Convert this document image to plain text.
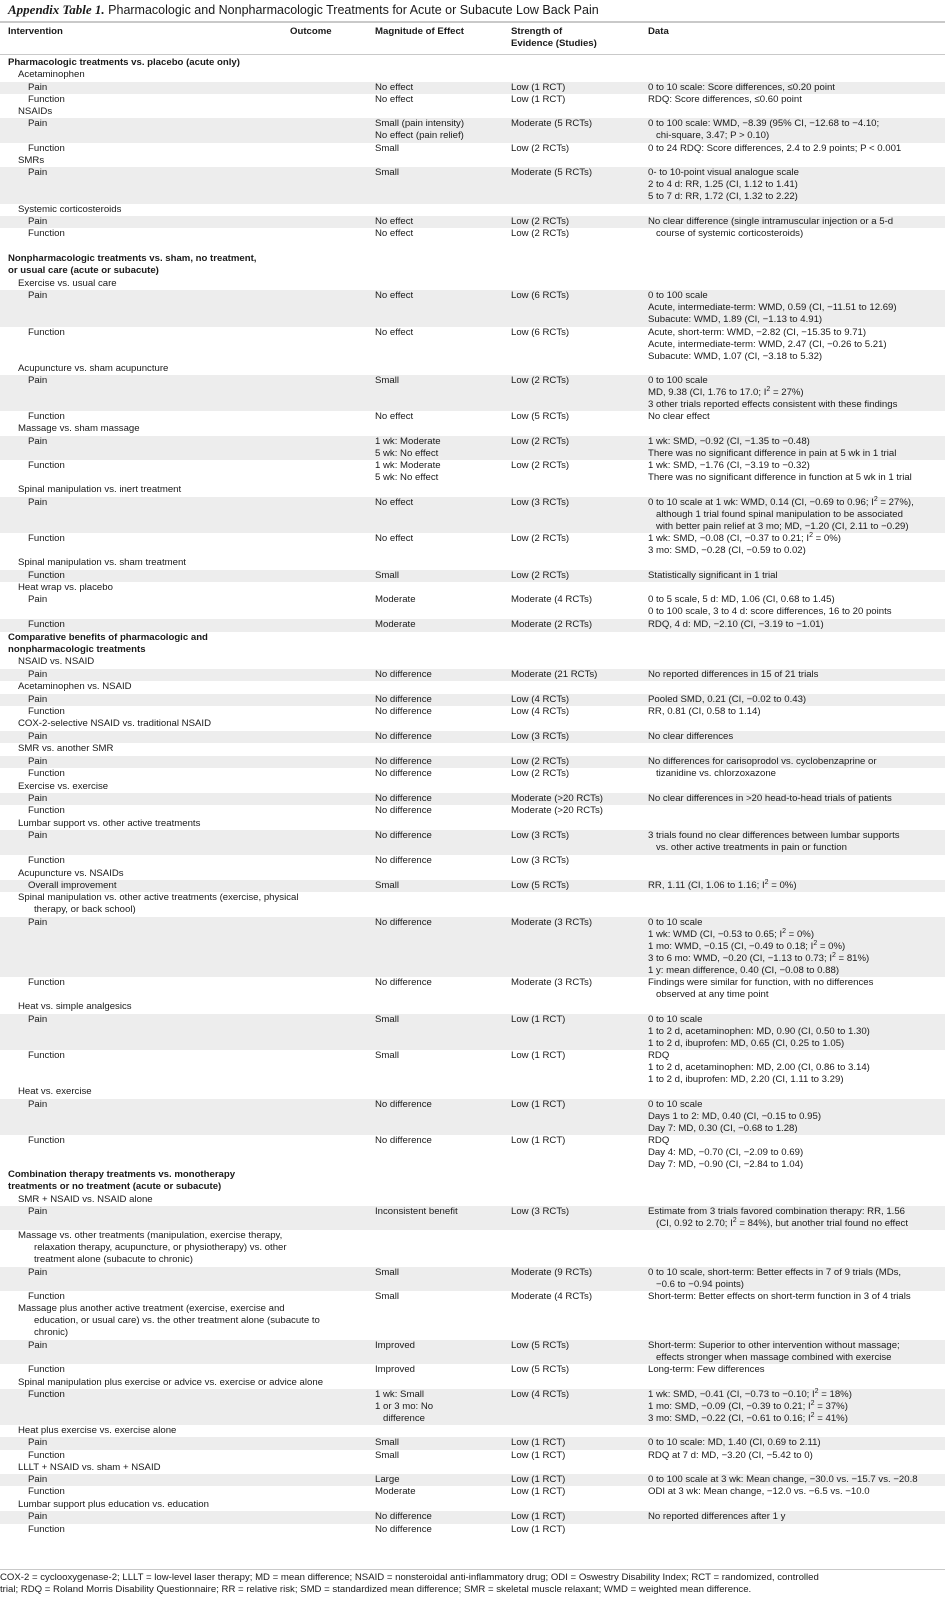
Appendix Table 1. Pharmacologic and Nonpharmacologic Treatments for Acute or Subacute Low Back Pain
Intervention	Outcome	Magnitude of Effect	Strength of
Evidence (Studies)
Data
Pharmacologic treatments vs. placebo (acute only)
Acetaminophen
Pain	No effect	Low (1 RCT)	0 to 10 scale: Score differences, ≤0.20 point
Function	No effect	Low (1 RCT)	RDQ: Score differences, ≤0.60 point
NSAIDs
Pain	Small (pain intensity)
No effect (pain relief)
Moderate (5 RCTs)	0 to 100 scale: WMD, −8.39 (95% CI, −12.68 to −4.10;
chi-square, 3.47; P > 0.10)
Function	Small	Low (2 RCTs)	0 to 24 RDQ: Score differences, 2.4 to 2.9 points; P < 0.001
SMRs
Pain	Small	Moderate (5 RCTs)	0- to 10-point visual analogue scale
2 to 4 d: RR, 1.25 (CI, 1.12 to 1.41)
5 to 7 d: RR, 1.72 (CI, 1.32 to 2.22)
Systemic corticosteroids
Pain	No effect	Low (2 RCTs)	No clear difference (single intramuscular injection or a 5-d
course of systemic corticosteroids)
Function	No effect	Low (2 RCTs)
Nonpharmacologic treatments vs. sham, no treatment,
or usual care (acute or subacute)
Exercise vs. usual care
Pain	No effect	Low (6 RCTs)	0 to 100 scale
Acute, intermediate-term: WMD, 0.59 (CI, −11.51 to 12.69)
Subacute: WMD, 1.89 (CI, −1.13 to 4.91)
Function	No effect	Low (6 RCTs)	Acute, short-term: WMD, −2.82 (CI, −15.35 to 9.71)
Acute, intermediate-term: WMD, 2.47 (CI, −0.26 to 5.21)
Subacute: WMD, 1.07 (CI, −3.18 to 5.32)
Acupuncture vs. sham acupuncture
Pain	Small	Low (2 RCTs)	0 to 100 scale
MD, 9.38 (CI, 1.76 to 17.0; $I^2 = 27\%$)
3 other trials reported effects consistent with these findings
Function	No effect	Low (5 RCTs)	No clear effect
Massage vs. sham massage
Pain	1 wk: Moderate
5 wk: No effect
Low (2 RCTs)	1 wk: SMD, −0.92 (CI, −1.35 to −0.48)
There was no significant difference in pain at 5 wk in 1 trial
Function	1 wk: Moderate
5 wk: No effect
Low (2 RCTs)	1 wk: SMD, −1.76 (CI, −3.19 to −0.32)
There was no significant difference in function at 5 wk in 1 trial
Spinal manipulation vs. inert treatment
Pain	No effect	Low (3 RCTs)	0 to 10 scale at 1 wk: WMD, 0.14 (CI, −0.69 to 0.96; $I^2 = 27\%$),
although 1 trial found spinal manipulation to be associated
with better pain relief at 3 mo; MD, −1.20 (CI, 2.11 to −0.29)
Function	No effect	Low (2 RCTs)	1 wk: SMD, −0.08 (CI, −0.37 to 0.21; $I^2 = 0\%$)
3 mo: SMD, −0.28 (CI, −0.59 to 0.02)
Spinal manipulation vs. sham treatment
Function	Small	Low (2 RCTs)	Statistically significant in 1 trial
Heat wrap vs. placebo
Pain	Moderate	Moderate (4 RCTs)	0 to 5 scale, 5 d: MD, 1.06 (CI, 0.68 to 1.45)
0 to 100 scale, 3 to 4 d: score differences, 16 to 20 points
Function	Moderate	Moderate (2 RCTs)	RDQ, 4 d: MD, −2.10 (CI, −3.19 to −1.01)
Comparative benefits of pharmacologic and
nonpharmacologic treatments
NSAID vs. NSAID
Pain	No difference	Moderate (21 RCTs)	No reported differences in 15 of 21 trials
Acetaminophen vs. NSAID
Pain	No difference	Low (4 RCTs)	Pooled SMD, 0.21 (CI, −0.02 to 0.43)
Function	No difference	Low (4 RCTs)	RR, 0.81 (CI, 0.58 to 1.14)
COX-2-selective NSAID vs. traditional NSAID
Pain	No difference	Low (3 RCTs)	No clear differences
SMR vs. another SMR
Pain	No difference	Low (2 RCTs)	No differences for carisoprodol vs. cyclobenzaprine or
tizanidine vs. chlorzoxazone
Function	No difference	Low (2 RCTs)
Exercise vs. exercise
Pain	No difference	Moderate (>20 RCTs)	No clear differences in >20 head-to-head trials of patients
Function	No difference	Moderate (>20 RCTs)
Lumbar support vs. other active treatments
Pain	No difference	Low (3 RCTs)	3 trials found no clear differences between lumbar supports
vs. other active treatments in pain or function
Function	No difference	Low (3 RCTs)
Acupuncture vs. NSAIDs
Overall improvement	Small	Low (5 RCTs)	RR, 1.11 (CI, 1.06 to 1.16; $I^2 = 0\%$)
Spinal manipulation vs. other active treatments (exercise, physical
therapy, or back school)
Pain	No difference	Moderate (3 RCTs)	0 to 10 scale
1 wk: WMD (CI, −0.53 to 0.65; $I^2 = 0\%$)
1 mo: WMD, −0.15 (CI, −0.49 to 0.18; $I^2 = 0\%$)
3 to 6 mo: WMD, −0.20 (CI, −1.13 to 0.73; $I^2 = 81\%$)
1 y: mean difference, 0.40 (CI, −0.08 to 0.88)
Function	No difference	Moderate (3 RCTs)	Findings were similar for function, with no differences
observed at any time point
Heat vs. simple analgesics
Pain	Small	Low (1 RCT)	0 to 10 scale
1 to 2 d, acetaminophen: MD, 0.90 (CI, 0.50 to 1.30)
1 to 2 d, ibuprofen: MD, 0.65 (CI, 0.25 to 1.05)
Function	Small	Low (1 RCT)	RDQ
1 to 2 d, acetaminophen: MD, 2.00 (CI, 0.86 to 3.14)
1 to 2 d, ibuprofen: MD, 2.20 (CI, 1.11 to 3.29)
Heat vs. exercise
Pain	No difference	Low (1 RCT)	0 to 10 scale
Days 1 to 2: MD, 0.40 (CI, −0.15 to 0.95)
Day 7: MD, 0.30 (CI, −0.68 to 1.28)
Function	No difference	Low (1 RCT)	RDQ
Day 4: MD, −0.70 (CI, −2.09 to 0.69)
Day 7: MD, −0.90 (CI, −2.84 to 1.04)
Combination therapy treatments vs. monotherapy
treatments or no treatment (acute or subacute)
SMR + NSAID vs. NSAID alone
Pain	Inconsistent benefit	Low (3 RCTs)	Estimate from 3 trials favored combination therapy: RR, 1.56
(CI, 0.92 to 2.70; $I^2 = 84\%$), but another trial found no effect
Massage vs. other treatments (manipulation, exercise therapy,
relaxation therapy, acupuncture, or physiotherapy) vs. other
treatment alone (subacute to chronic)
Pain	Small	Moderate (9 RCTs)	0 to 10 scale, short-term: Better effects in 7 of 9 trials (MDs,
−0.6 to −0.94 points)
Function	Small	Moderate (4 RCTs)	Short-term: Better effects on short-term function in 3 of 4 trials
Massage plus another active treatment (exercise, exercise and
education, or usual care) vs. the other treatment alone (subacute to
chronic)
Pain	Improved	Low (5 RCTs)	Short-term: Superior to other intervention without massage;
effects stronger when massage combined with exercise
Function	Improved	Low (5 RCTs)	Long-term: Few differences
Spinal manipulation plus exercise or advice vs. exercise or advice alone
Function	1 wk: Small
1 or 3 mo: No
difference
Low (4 RCTs)	1 wk: SMD, −0.41 (CI, −0.73 to −0.10; $I^2 = 18\%$)
1 mo: SMD, −0.09 (CI, −0.39 to 0.21; $I^2 = 37\%$)
3 mo: SMD, −0.22 (CI, −0.61 to 0.16; $I^2 = 41\%$)
Heat plus exercise vs. exercise alone
Pain	Small	Low (1 RCT)	0 to 10 scale: MD, 1.40 (CI, 0.69 to 2.11)
Function	Small	Low (1 RCT)	RDQ at 7 d: MD, −3.20 (CI, −5.42 to 0)
LLLT + NSAID vs. sham + NSAID
Pain	Large	Low (1 RCT)	0 to 100 scale at 3 wk: Mean change, −30.0 vs. −15.7 vs. −20.8
Function	Moderate	Low (1 RCT)	ODI at 3 wk: Mean change, −12.0 vs. −6.5 vs. −10.0
Lumbar support plus education vs. education
Pain	No difference	Low (1 RCT)	No reported differences after 1 y
Function	No difference	Low (1 RCT)
COX-2 = cyclooxygenase-2; LLLT = low-level laser therapy; MD = mean difference; NSAID = nonsteroidal anti-inflammatory drug; ODI = Oswestry Disability Index; RCT = randomized, controlled
trial; RDQ = Roland Morris Disability Questionnaire; RR = relative risk; SMD = standardized mean difference; SMR = skeletal muscle relaxant; WMD = weighted mean difference.
